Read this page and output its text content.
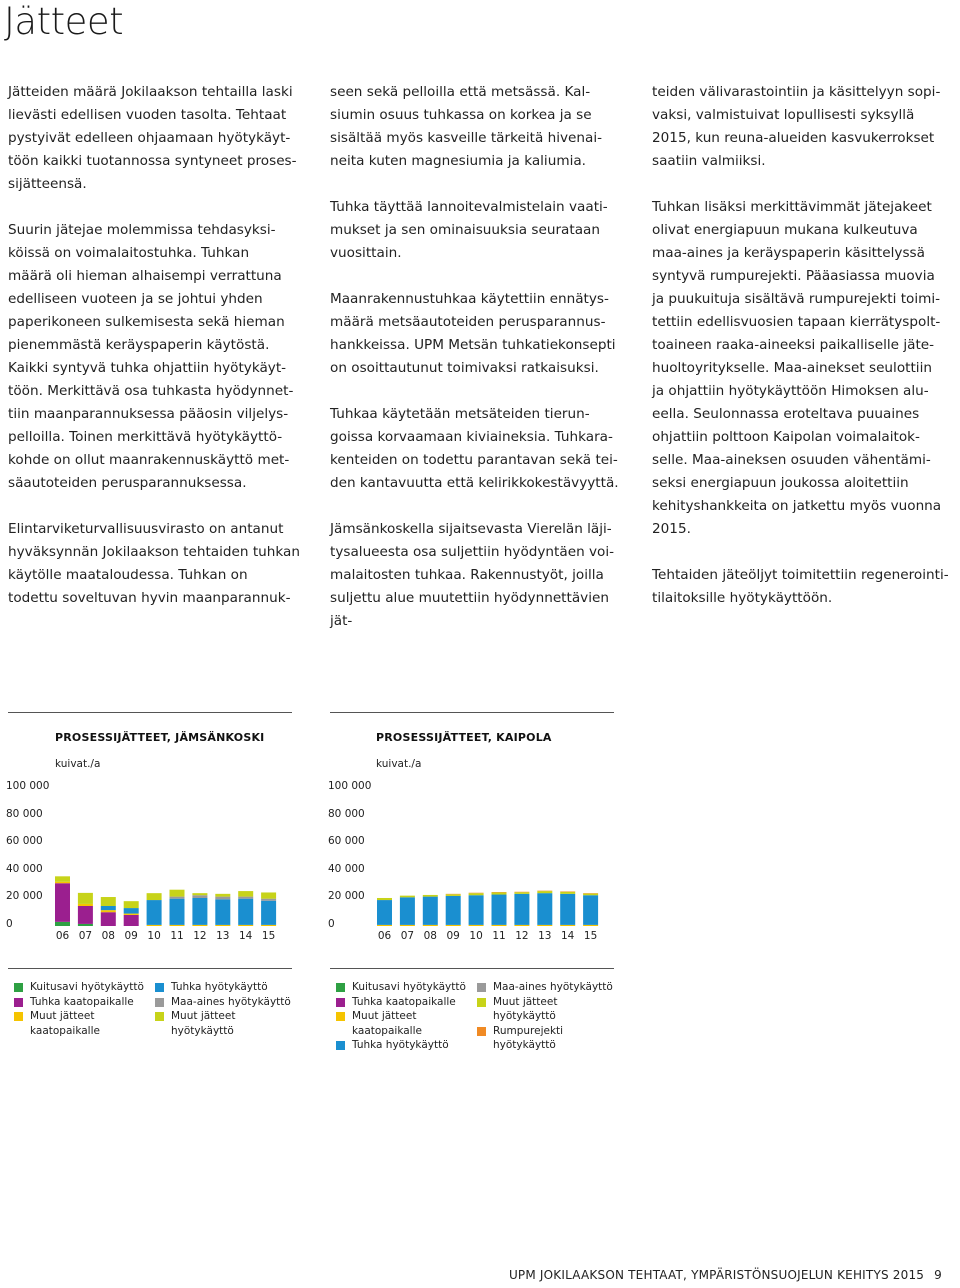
Jätteet

Jätteiden määrä Jokilaakson tehtailla laski
lievästi edellisen vuoden tasolta. Tehtaat
pystyivät edelleen ohjaamaan hyötykäyt-
töön kaikki tuotannossa syntyneet proses-
sijätteensä.

Suurin jätejae molemmissa tehdasyksi-
köissä on voimalaitostuhka. Tuhkan
määrä oli hieman alhaisempi verrattuna
edelliseen vuoteen ja se johtui yhden
paperikoneen sulkemisesta sekä hieman
pienemmästä keräyspaperin käytöstä.
Kaikki syntyvä tuhka ohjattiin hyötykäyt-
töön. Merkittävä osa tuhkasta hyödynnet-
tiin maanparannuksessa pääosin viljelys-
pelloilla. Toinen merkittävä hyötykäyttö-
kohde on ollut maanrakennuskäyttö met-
säautoteiden perusparannuksessa.

Elintarviketurvallisuusvirasto on antanut
hyväksynnän Jokilaakson tehtaiden tuhkan
käytölle maataloudessa. Tuhkan on
todettu soveltuvan hyvin maanparannuk-

seen sekä pelloilla että metsässä. Kal-
siumin osuus tuhkassa on korkea ja se
sisältää myös kasveille tärkeitä hivenai-
neita kuten magnesiumia ja kaliumia.

Tuhka täyttää lannoitevalmistelain vaati-
mukset ja sen ominaisuuksia seurataan
vuosittain.

Maanrakennustuhkaa käytettiin ennätys-
määrä metsäautoteiden perusparannus-
hankkeissa. UPM Metsän tuhkatiekonsepti
on osoittautunut toimivaksi ratkaisuksi.

Tuhkaa käytetään metsäteiden tierun-
goissa korvaamaan kiviaineksia. Tuhkara-
kenteiden on todettu parantavan sekä tei-
den kantavuutta että kelirikkokestävyyttä.

Jämsänkoskella sijaitsevasta Vierelän läji-
tysalueesta osa suljettiin hyödyntäen voi-
malaitosten tuhkaa. Rakennustyöt, joilla
suljettu alue muutettiin hyödynnettävien jät-

teiden välivarastointiin ja käsittelyyn sopi-
vaksi, valmistuivat lopullisesti syksyllä
2015, kun reuna-alueiden kasvukerrokset
saatiin valmiiksi.

Tuhkan lisäksi merkittävimmät jätejakeet
olivat energiapuun mukana kulkeutuva
maa-aines ja keräyspaperin käsittelyssä
syntyvä rumpurejekti. Pääasiassa muovia
ja puukuituja sisältävä rumpurejekti toimi-
tettiin edellisvuosien tapaan kierrätyspolt-
toaineen raaka-aineeksi paikalliselle jäte-
huoltoyritykselle. Maa-ainekset seulottiin
ja ohjattiin hyötykäyttöön Himoksen alu-
eella. Seulonnassa eroteltava puuaines
ohjattiin polttoon Kaipolan voimalaitok-
selle. Maa-aineksen osuuden vähentämi-
seksi energiapuun joukossa aloitettiin
kehityshankkeita on jatkettu myös vuonna
2015.

Tehtaiden jäteöljyt toimitettiin regenerointi-
tilaitoksille hyötykäyttöön.

PROSESSIJÄTTEET, JÄMSÄNKOSKI
kuivat./a
100 000
80 000
60 000
40 000
20 000
0
06 07 08 09 10 11 12 13 14 15
PROSESSIJÄTTEET, KAIPOLA
kuivat./a
100 000
80 000
60 000
40 000
20 000
0
06 07 08 09 10 11 12 13 14 15
Kuitusavi hyötykäyttö
Tuhka kaatopaikalle
Muut jätteet
kaatopaikalle
Tuhka hyötykäyttö
Maa-aines hyötykäyttö
Muut jätteet
hyötykäyttö
Kuitusavi hyötykäyttö
Tuhka kaatopaikalle
Muut jätteet
kaatopaikalle
Tuhka hyötykäyttö
Maa-aines hyötykäyttö
Muut jätteet
hyötykäyttö
Rumpurejekti
hyötykäyttö
UPM JOKILAAKSON TEHTAAT, YMPÄRISTÖNSUOJELUN KEHITYS 2015 9
